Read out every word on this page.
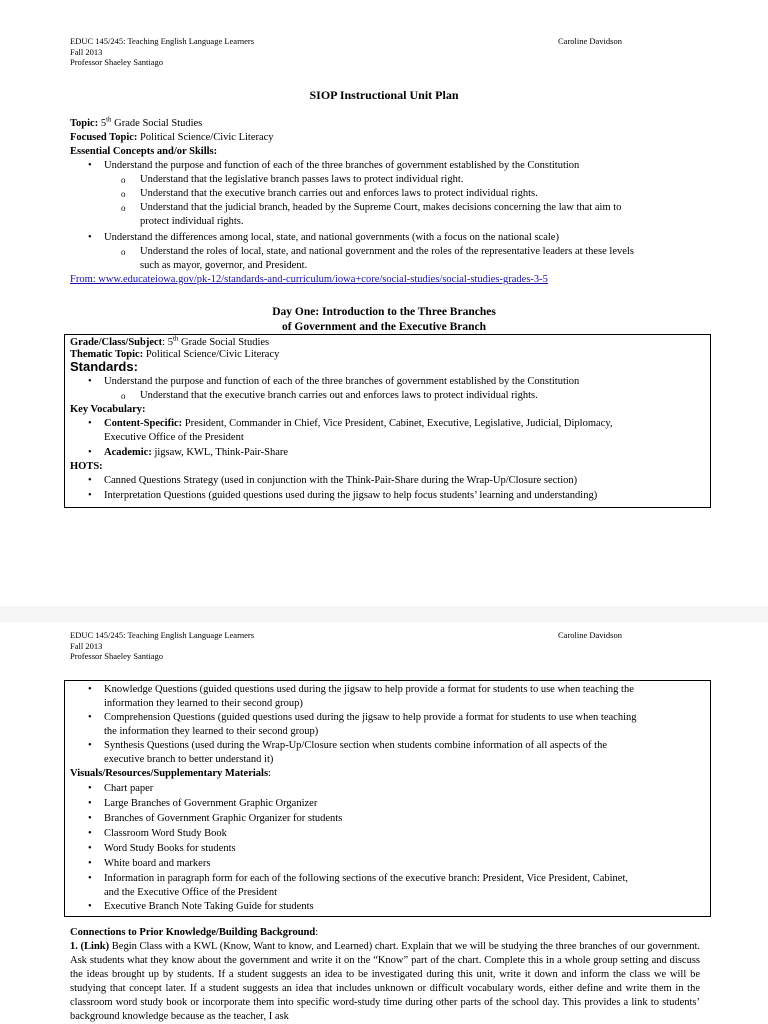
EDUC 145/245: Teaching English Language Learners
Fall 2013
Professor Shaeley Santiago
Caroline Davidson
SIOP Instructional Unit Plan
Topic: 5th Grade Social Studies
Focused Topic: Political Science/Civic Literacy
Essential Concepts and/or Skills:
• Understand the purpose and function of each of the three branches of government established by the Constitution
o Understand that the legislative branch passes laws to protect individual right.
o Understand that the executive branch carries out and enforces laws to protect individual rights.
o Understand that the judicial branch, headed by the Supreme Court, makes decisions concerning the law that aim to
protect individual rights.
• Understand the differences among local, state, and national governments (with a focus on the national scale)
o Understand the roles of local, state, and national government and the roles of the representative leaders at these levels
such as mayor, governor, and President.
From: www.educateiowa.gov/pk-12/standards-and-curriculum/iowa+core/social-studies/social-studies-grades-3-5
Day One: Introduction to the Three Branches
of Government and the Executive Branch
Grade/Class/Subject: 5th Grade Social Studies
Thematic Topic: Political Science/Civic Literacy
Standards:
• Understand the purpose and function of each of the three branches of government established by the Constitution
o Understand that the executive branch carries out and enforces laws to protect individual rights.
Key Vocabulary:
• Content-Specific: President, Commander in Chief, Vice President, Cabinet, Executive, Legislative, Judicial, Diplomacy,
Executive Office of the President
• Academic: jigsaw, KWL, Think-Pair-Share
HOTS:
• Canned Questions Strategy (used in conjunction with the Think-Pair-Share during the Wrap-Up/Closure section)
• Interpretation Questions (guided questions used during the jigsaw to help focus students’ learning and understanding)
EDUC 145/245: Teaching English Language Learners
Fall 2013
Professor Shaeley Santiago
Caroline Davidson
• Knowledge Questions (guided questions used during the jigsaw to help provide a format for students to use when teaching the
information they learned to their second group)
• Comprehension Questions (guided questions used during the jigsaw to help provide a format for students to use when teaching
the information they learned to their second group)
• Synthesis Questions (used during the Wrap-Up/Closure section when students combine information of all aspects of the
executive branch to better understand it)
Visuals/Resources/Supplementary Materials:
• Chart paper
• Large Branches of Government Graphic Organizer
• Branches of Government Graphic Organizer for students
• Classroom Word Study Book
• Word Study Books for students
• White board and markers
• Information in paragraph form for each of the following sections of the executive branch: President, Vice President, Cabinet,
and the Executive Office of the President
• Executive Branch Note Taking Guide for students
Connections to Prior Knowledge/Building Background:
1. (Link) Begin Class with a KWL (Know, Want to know, and Learned) chart. Explain that we will be studying the three branches of our government. Ask students what they know about the government and write it on the “Know” part of the chart. Complete this in a whole group setting and discuss the ideas brought up by students. If a student suggests an idea to be investigated during this unit, write it down and inform the class we will be studying that concept later. If a student suggests an idea that includes unknown or difficult vocabulary words, either define and write them in the classroom word study book or incorporate them into specific word-study time during other parts of the school day. This provides a link to students’ background knowledge because as the teacher, I ask
